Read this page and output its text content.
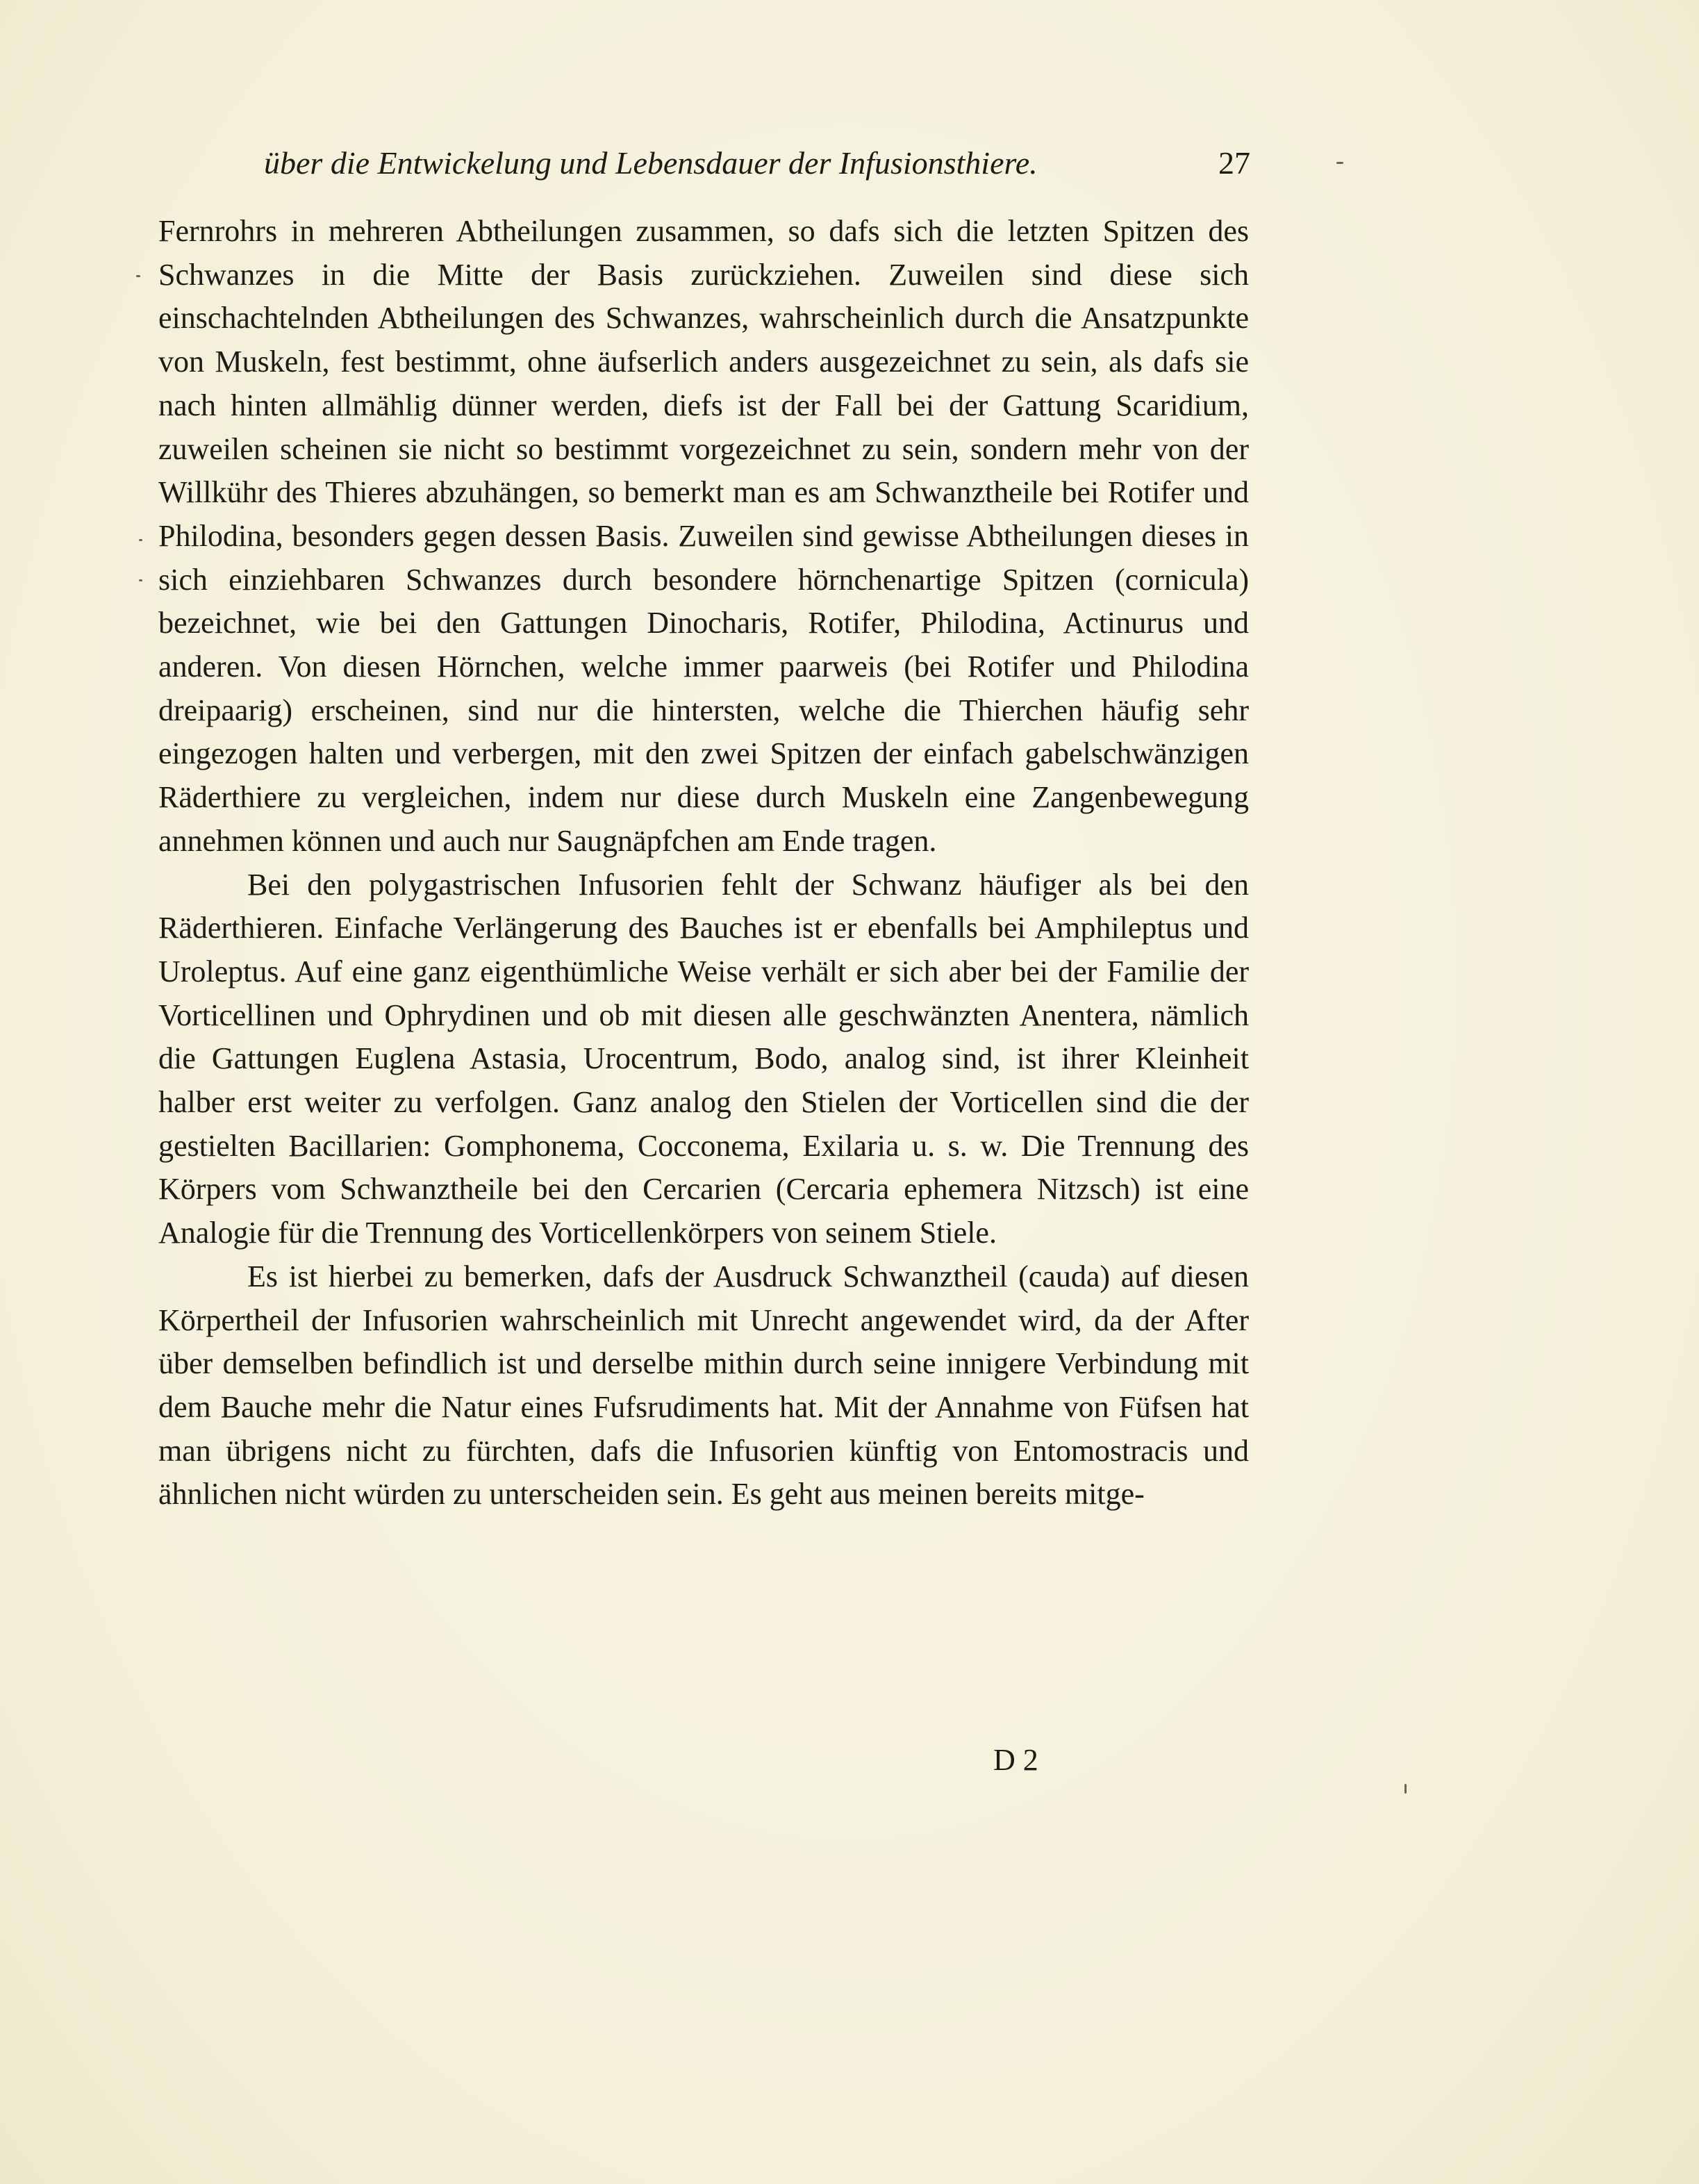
über die Entwickelung und Lebensdauer der Infusionsthiere.	27

Fernrohrs in mehreren Abtheilungen zusammen, so dafs sich die letzten Spitzen des Schwanzes in die Mitte der Basis zurückziehen. Zuweilen sind diese sich einschachtelnden Abtheilungen des Schwanzes, wahrscheinlich durch die Ansatzpunkte von Muskeln, fest bestimmt, ohne äufserlich anders ausgezeichnet zu sein, als dafs sie nach hinten allmählig dünner werden, diefs ist der Fall bei der Gattung Scaridium, zuweilen scheinen sie nicht so bestimmt vorgezeichnet zu sein, sondern mehr von der Willkühr des Thieres abzuhängen, so bemerkt man es am Schwanztheile bei Rotifer und Philodina, besonders gegen dessen Basis. Zuweilen sind gewisse Abtheilungen dieses in sich einziehbaren Schwanzes durch besondere hörnchenartige Spitzen (cornicula) bezeichnet, wie bei den Gattungen Dinocharis, Rotifer, Philodina, Actinurus und anderen. Von diesen Hörnchen, welche immer paarweis (bei Rotifer und Philodina dreipaarig) erscheinen, sind nur die hintersten, welche die Thierchen häufig sehr eingezogen halten und verbergen, mit den zwei Spitzen der einfach gabelschwänzigen Räderthiere zu vergleichen, indem nur diese durch Muskeln eine Zangenbewegung annehmen können und auch nur Saugnäpfchen am Ende tragen.

Bei den polygastrischen Infusorien fehlt der Schwanz häufiger als bei den Räderthieren. Einfache Verlängerung des Bauches ist er ebenfalls bei Amphileptus und Uroleptus. Auf eine ganz eigenthümliche Weise verhält er sich aber bei der Familie der Vorticellinen und Ophrydinen und ob mit diesen alle geschwänzten Anentera, nämlich die Gattungen Euglena Astasia, Urocentrum, Bodo, analog sind, ist ihrer Kleinheit halber erst weiter zu verfolgen. Ganz analog den Stielen der Vorticellen sind die der gestielten Bacillarien: Gomphonema, Cocconema, Exilaria u. s. w. Die Trennung des Körpers vom Schwanztheile bei den Cercarien (Cercaria ephemera Nitzsch) ist eine Analogie für die Trennung des Vorticellenkörpers von seinem Stiele.

Es ist hierbei zu bemerken, dafs der Ausdruck Schwanztheil (cauda) auf diesen Körpertheil der Infusorien wahrscheinlich mit Unrecht angewendet wird, da der After über demselben befindlich ist und derselbe mithin durch seine innigere Verbindung mit dem Bauche mehr die Natur eines Fufsrudiments hat. Mit der Annahme von Füfsen hat man übrigens nicht zu fürchten, dafs die Infusorien künftig von Entomostracis und ähnlichen nicht würden zu unterscheiden sein. Es geht aus meinen bereits mitge-

D 2
